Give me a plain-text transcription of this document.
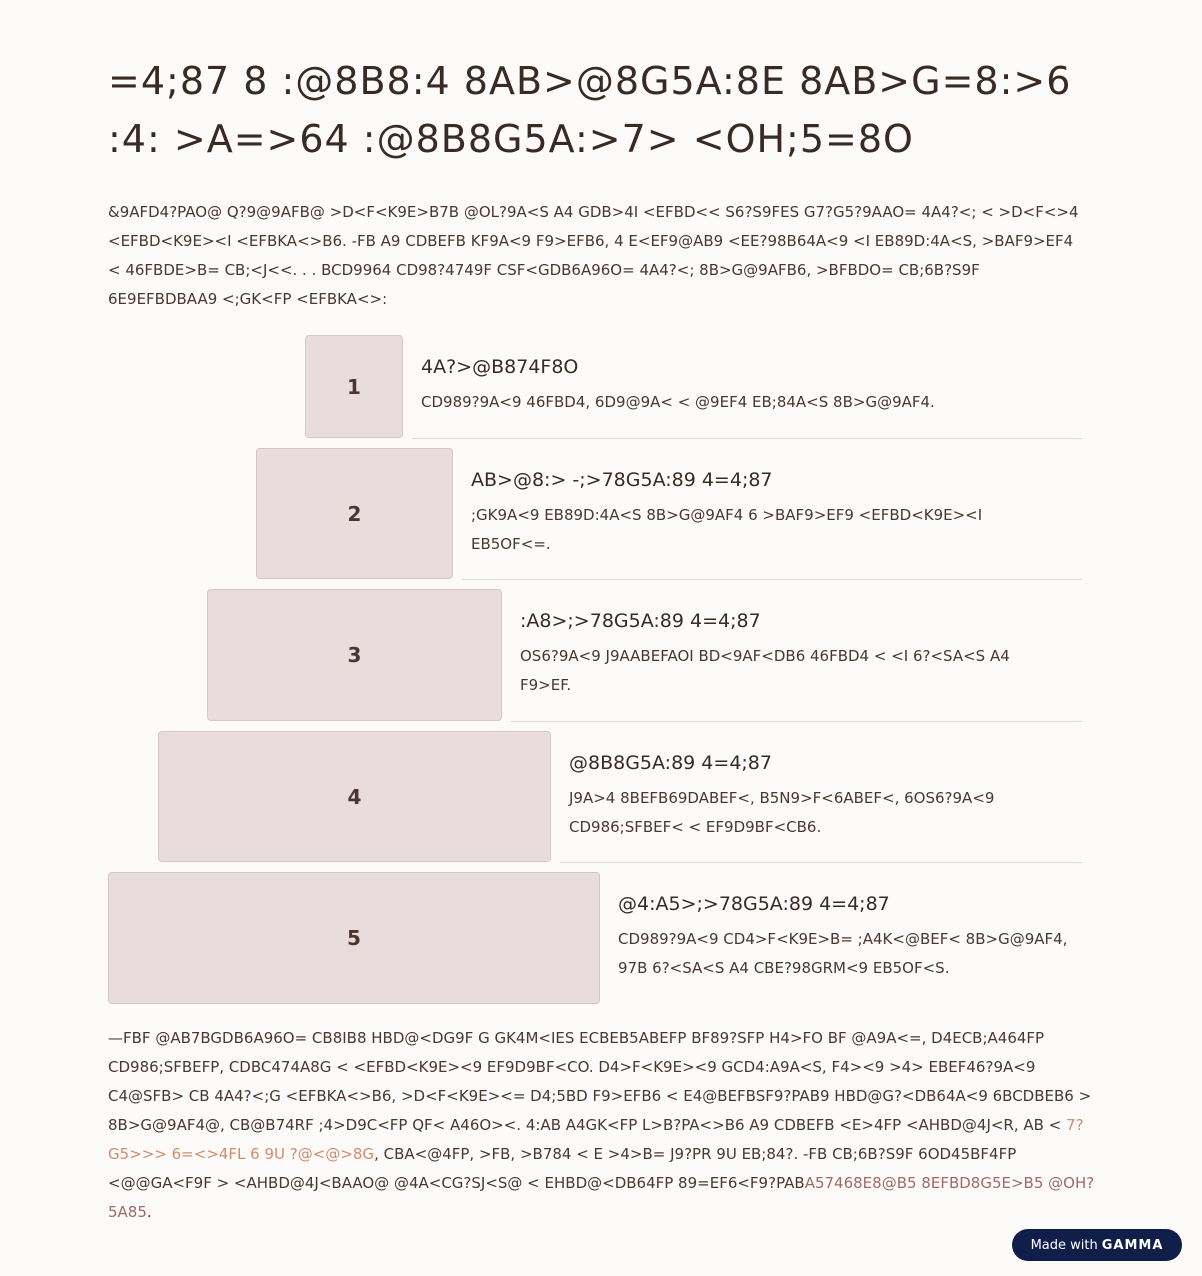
=4;87 8 :@8B8:4 8AB>@8G5A:8E 8AB>G=8:>6 :4: >A=>64 :@8B8G5A:>7> <OH;5=8O

&9AFD4?PAO@ Q?9@9AFB@ >D<F<K9E>B7B @OL?9A<S A4 GDB>4I <EFBD<< S6?S9FES G7?G5?9AAO= 4A4?<; < >D<F<>4 <EFBD<K9E><I <EFBKA<>B6. -FB A9 CDBEFB KF9A<9 F9>EFB6, 4 E<EF9@AB9 <EE?98B64A<9 <I EB89D:4A<S, >BAF9>EF4 < 46FBDE>B= CB;<J<<. . . BCD9964 CD98?4749F CSF<GDB6A96O= 4A4?<; 8B>G@9AFB6, >BFBDO= CB;6B?S9F 6E9EFBDBAA9 <;GK<FP <EFBKA<>:

1

4A?>@B874F8O

CD989?9A<9 46FBD4, 6D9@9A< < @9EF4 EB;84A<S 8B>G@9AF4.

2

AB>@8:> -;>78G5A:89 4=4;87

;GK9A<9 EB89D:4A<S 8B>G@9AF4 6 >BAF9>EF9 <EFBD<K9E><I EB5OF<=.

3

:A8>;>78G5A:89 4=4;87

OS6?9A<9 J9AABEFAOI BD<9AF<DB6 46FBD4 < <I 6?<SA<S A4 F9>EF.

4

@8B8G5A:89 4=4;87

J9A>4 8BEFB69DABEF<, B5N9>F<6ABEF<, 6OS6?9A<9 CD986;SFBEF< < EF9D9BF<CB6.

5

@4:A5>;>78G5A:89 4=4;87

CD989?9A<9 CD4>F<K9E>B= ;A4K<@BEF< 8B>G@9AF4, 97B 6?<SA<S A4 CBE?98GRM<9 EB5OF<S.

—FBF @AB7BGDB6A96O= CB8IB8 HBD@<DG9F G GK4M<IES ECBEB5ABEFP BF89?SFP H4>FO BF @A9A<=, D4ECB;A464FP CD986;SFBEFP, CDBC474A8G < <EFBD<K9E><9 EF9D9BF<CO. D4>F<K9E><9 GCD4:A9A<S, F4><9 >4> EBEF46?9A<9 C4@SFB> CB 4A4?<;G <EFBKA<>B6, >D<F<K9E><= D4;5BD F9>EFB6 < E4@BEFBSF9?PAB9 HBD@G?<DB64A<9 6BCDBEB6 > 8B>G@9AF4@, CB@B74RF ;4>D9C<FP QF< A46O><. 4:AB A4GK<FP L>B?PA<>B6 A9 CDBEFB <E>4FP <AHBD@4J<R, AB < 7?G5>>> 6=<>4FL 6 9U ?@<@>8G, CBA<@4FP, >FB, >B784 < E >4>B= J9?PR 9U EB;84?. -FB CB;6B?S9F 6OD45BF4FP <@@GA<F9F > <AHBD@4J<BAAO@ @4A<CG?SJ<S@ < EHBD@<DB64FP 89=EF6<F9?PABA57468E8@B5 8EFBD8G5E>B5 @OH?5A85.

Made with GAMMA
